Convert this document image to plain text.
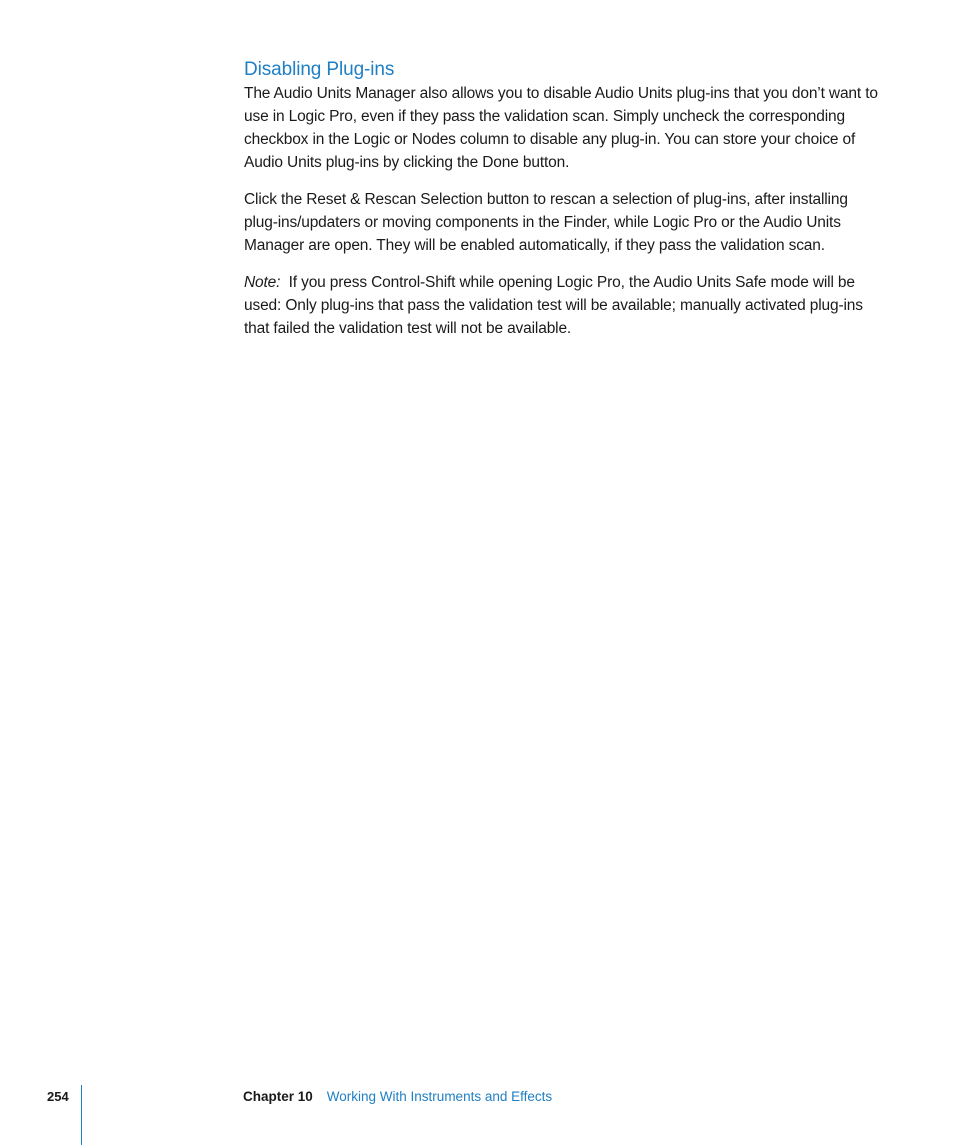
Disabling Plug-ins

The Audio Units Manager also allows you to disable Audio Units plug-ins that you don’t want to use in Logic Pro, even if they pass the validation scan. Simply uncheck the corresponding checkbox in the Logic or Nodes column to disable any plug-in. You can store your choice of Audio Units plug-ins by clicking the Done button.

Click the Reset & Rescan Selection button to rescan a selection of plug-ins, after installing plug-ins/updaters or moving components in the Finder, while Logic Pro or the Audio Units Manager are open. They will be enabled automatically, if they pass the validation scan.

Note: If you press Control-Shift while opening Logic Pro, the Audio Units Safe mode will be used: Only plug-ins that pass the validation test will be available; manually activated plug-ins that failed the validation test will not be available.

254	Chapter 10 Working With Instruments and Effects
